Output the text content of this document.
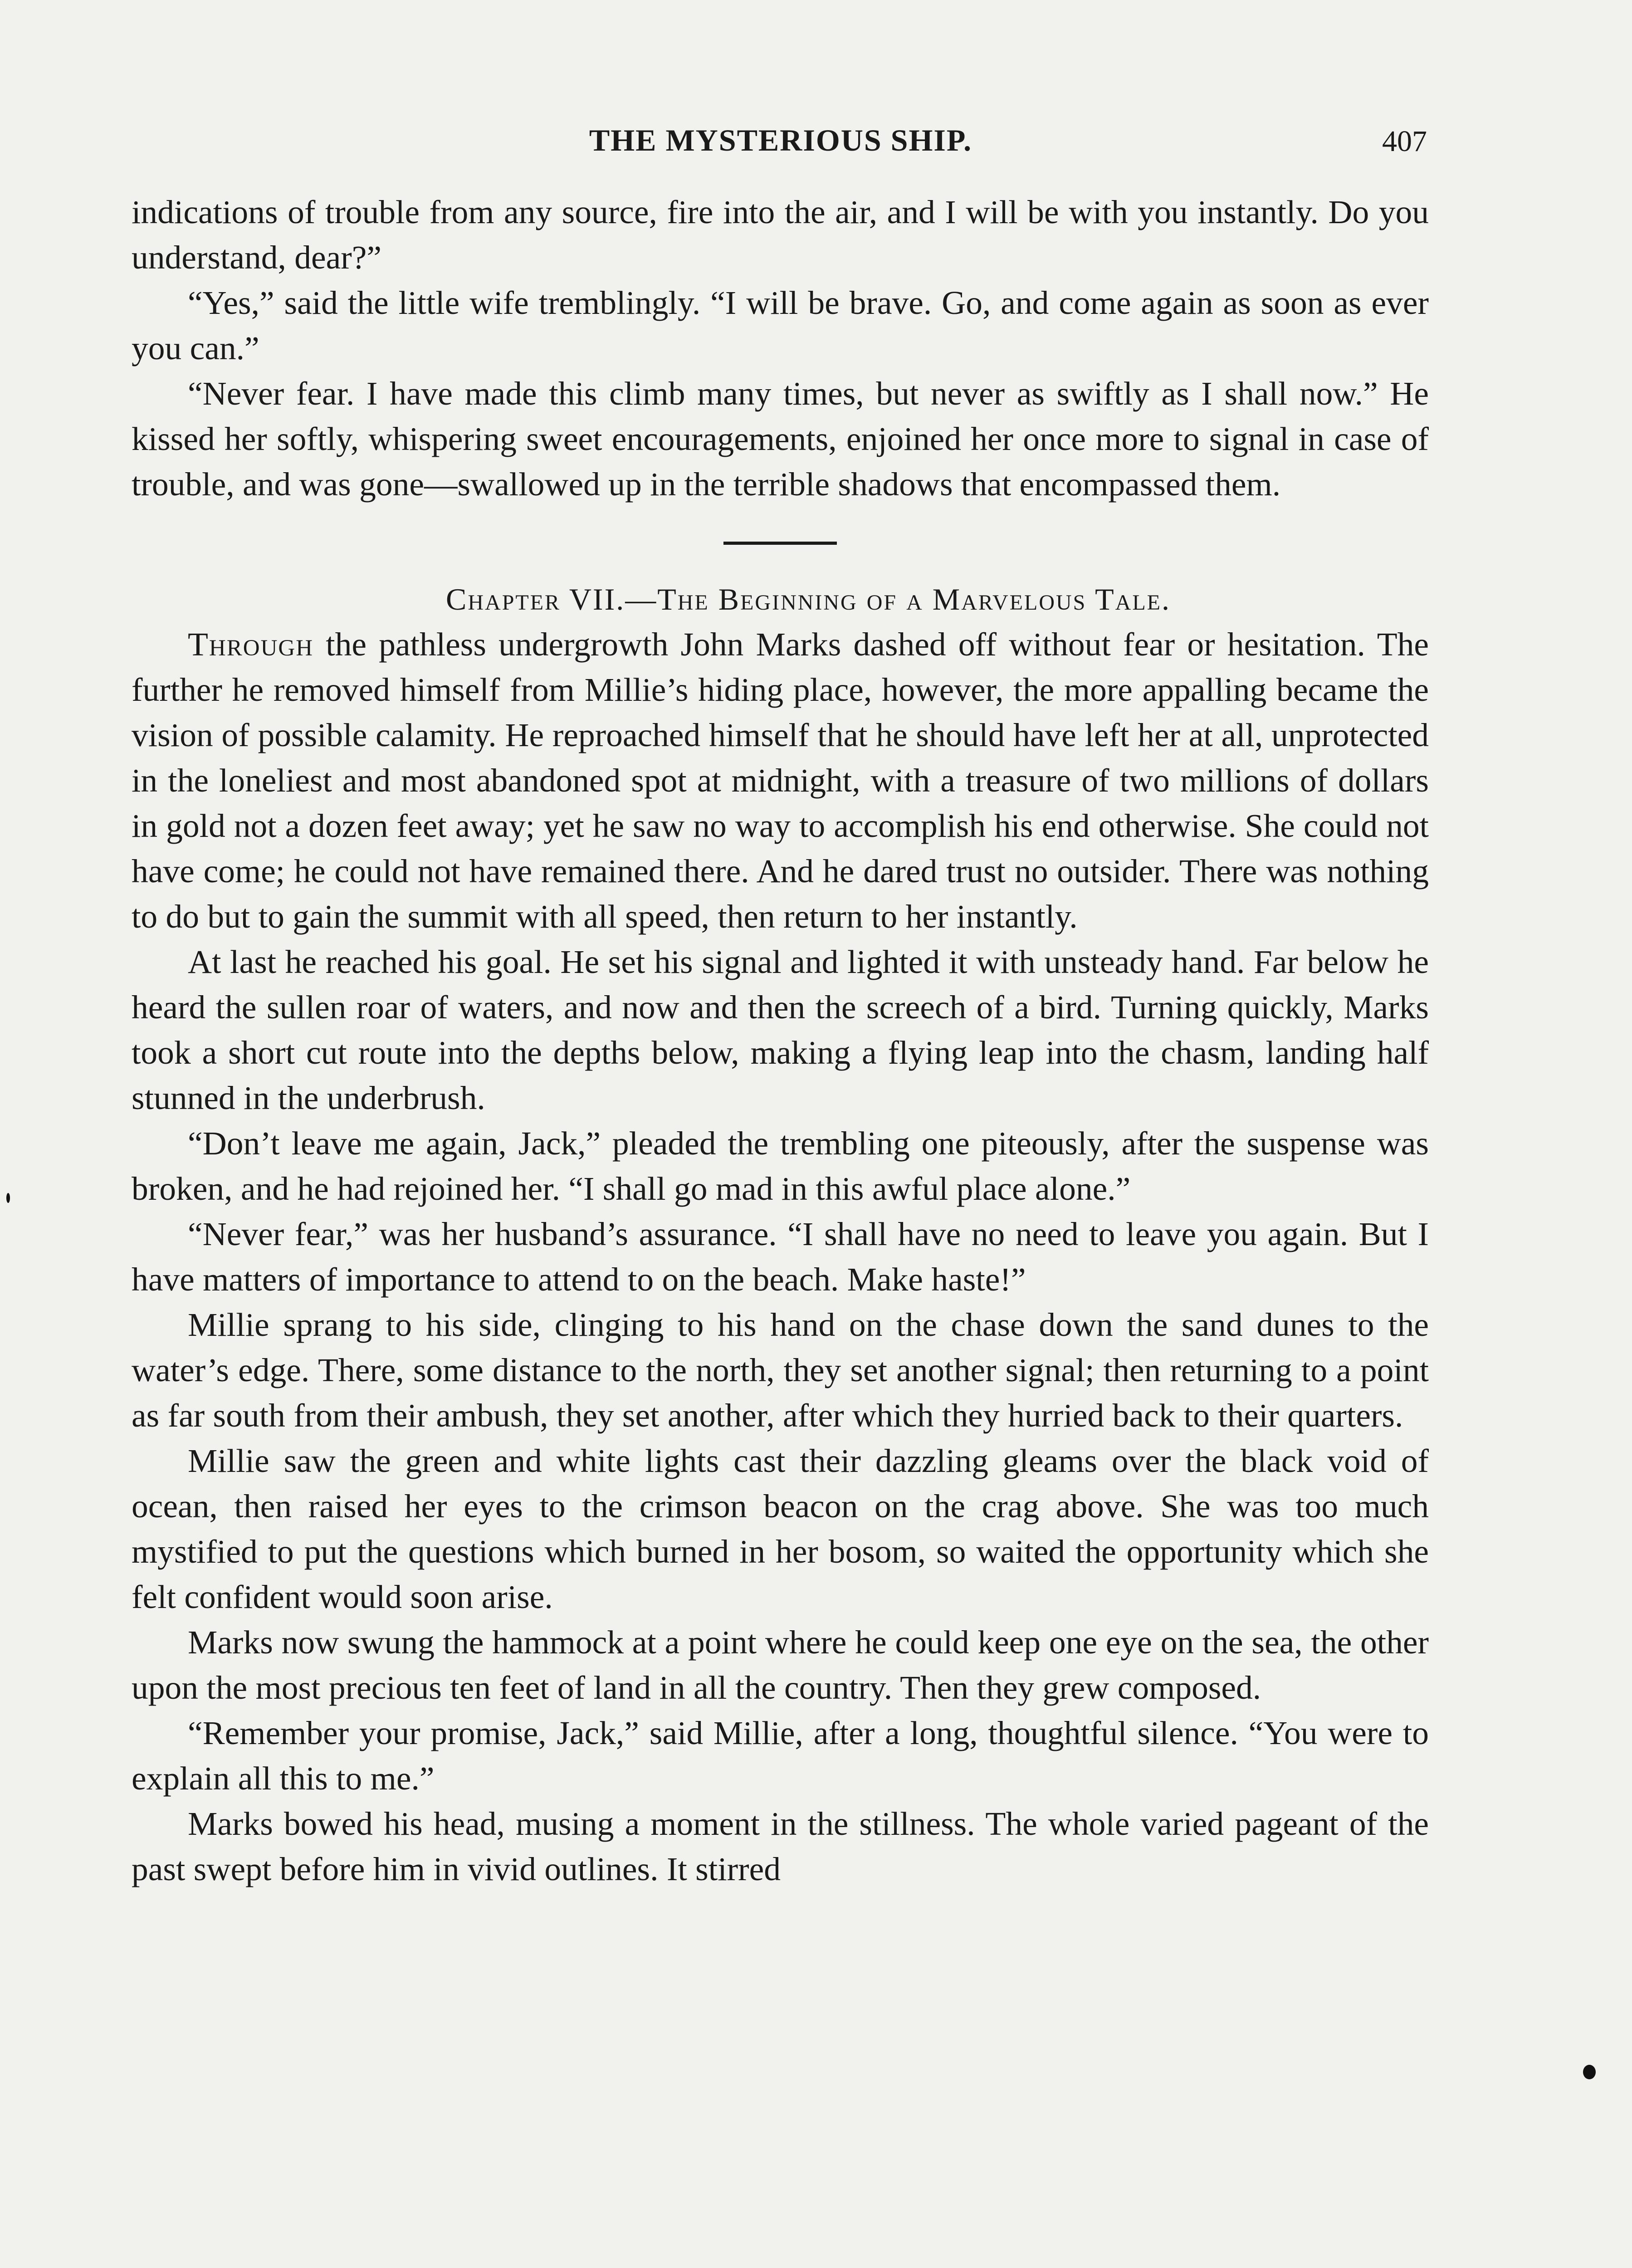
THE MYSTERIOUS SHIP.	407

indications of trouble from any source, fire into the air, and I will be with you instantly. Do you understand, dear?”

“Yes,” said the little wife tremblingly. “I will be brave. Go, and come again as soon as ever you can.”

“Never fear. I have made this climb many times, but never as swiftly as I shall now.” He kissed her softly, whispering sweet encouragements, enjoined her once more to signal in case of trouble, and was gone—swallowed up in the terrible shadows that encompassed them.

Chapter VII.—The Beginning of a Marvelous Tale.

Through the pathless undergrowth John Marks dashed off without fear or hesitation. The further he removed himself from Millie’s hiding place, however, the more appalling became the vision of possible calamity. He reproached himself that he should have left her at all, unprotected in the loneliest and most abandoned spot at midnight, with a treasure of two millions of dollars in gold not a dozen feet away; yet he saw no way to accomplish his end otherwise. She could not have come; he could not have remained there. And he dared trust no outsider. There was nothing to do but to gain the summit with all speed, then return to her instantly.

At last he reached his goal. He set his signal and lighted it with unsteady hand. Far below he heard the sullen roar of waters, and now and then the screech of a bird. Turning quickly, Marks took a short cut route into the depths below, making a flying leap into the chasm, landing half stunned in the underbrush.

“Don’t leave me again, Jack,” pleaded the trembling one piteously, after the suspense was broken, and he had rejoined her. “I shall go mad in this awful place alone.”

“Never fear,” was her husband’s assurance. “I shall have no need to leave you again. But I have matters of importance to attend to on the beach. Make haste!”

Millie sprang to his side, clinging to his hand on the chase down the sand dunes to the water’s edge. There, some distance to the north, they set another signal; then returning to a point as far south from their ambush, they set another, after which they hurried back to their quarters.

Millie saw the green and white lights cast their dazzling gleams over the black void of ocean, then raised her eyes to the crimson beacon on the crag above. She was too much mystified to put the questions which burned in her bosom, so waited the opportunity which she felt confident would soon arise.

Marks now swung the hammock at a point where he could keep one eye on the sea, the other upon the most precious ten feet of land in all the country. Then they grew composed.

“Remember your promise, Jack,” said Millie, after a long, thoughtful silence. “You were to explain all this to me.”

Marks bowed his head, musing a moment in the stillness. The whole varied pageant of the past swept before him in vivid outlines. It stirred
